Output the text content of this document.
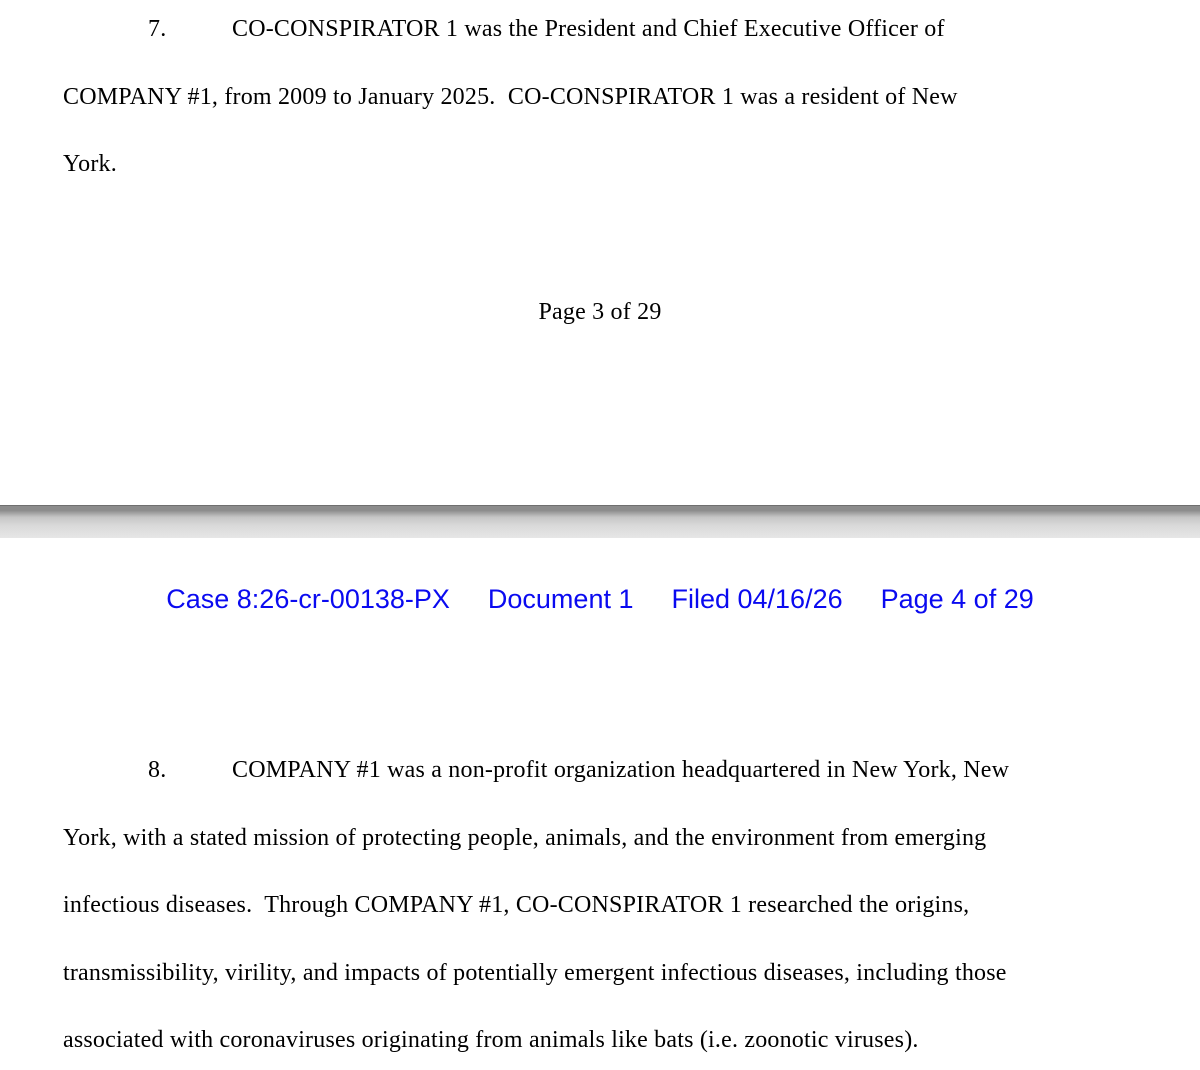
7.	CO-CONSPIRATOR 1 was the President and Chief Executive Officer of
COMPANY #1, from 2009 to January 2025.  CO-CONSPIRATOR 1 was a resident of New
York.
Page 3 of 29
Case 8:26-cr-00138-PX Document 1 Filed 04/16/26 Page 4 of 29
8.	COMPANY #1 was a non-profit organization headquartered in New York, New
York, with a stated mission of protecting people, animals, and the environment from emerging
infectious diseases.  Through COMPANY #1, CO-CONSPIRATOR 1 researched the origins,
transmissibility, virility, and impacts of potentially emergent infectious diseases, including those
associated with coronaviruses originating from animals like bats (i.e. zoonotic viruses).
